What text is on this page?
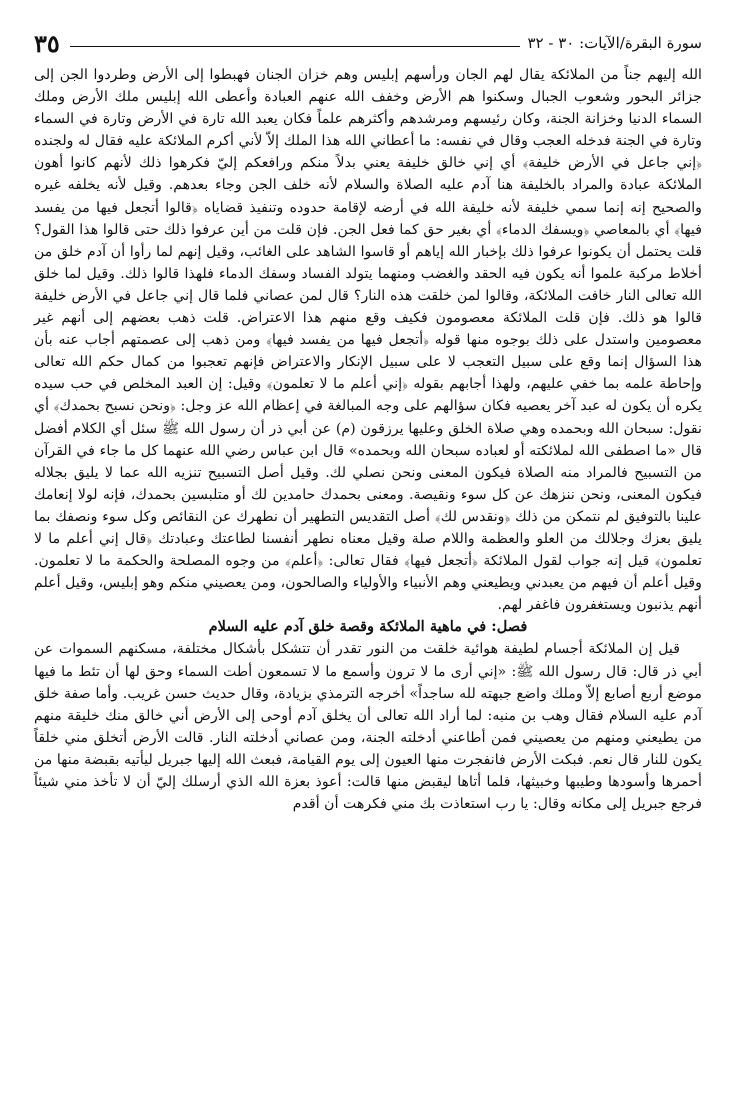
سورة البقرة/الآيات: ٣٠ - ٣٢
٣٥

الله إليهم جناً من الملائكة يقال لهم الجان ورأسهم إبليس وهم خزان الجنان فهبطوا إلى الأرض وطردوا الجن إلى جزائر البحور وشعوب الجبال وسكنوا هم الأرض وخفف الله عنهم العبادة وأعطى الله إبليس ملك الأرض وملك السماء الدنيا وخزانة الجنة، وكان رئيسهم ومرشدهم وأكثرهم علماً فكان يعبد الله تارة في الأرض وتارة في السماء وتارة في الجنة فدخله العجب وقال في نفسه: ما أعطاني الله هذا الملك إلاّ لأني أكرم الملائكة عليه فقال له ولجنده ﴿إني جاعل في الأرض خليفة﴾ أي إني خالق خليفة يعني بدلاً منكم ورافعكم إليّ فكرهوا ذلك لأنهم كانوا أهون الملائكة عبادة والمراد بالخليفة هنا آدم عليه الصلاة والسلام لأنه خلف الجن وجاء بعدهم. وقيل لأنه يخلفه غيره والصحيح إنه إنما سمي خليفة لأنه خليفة الله في أرضه لإقامة حدوده وتنفيذ قضاياه ﴿قالوا أتجعل فيها من يفسد فيها﴾ أي بالمعاصي ﴿ويسفك الدماء﴾ أي بغير حق كما فعل الجن. فإن قلت من أين عرفوا ذلك حتى قالوا هذا القول؟ قلت يحتمل أن يكونوا عرفوا ذلك بإخبار الله إياهم أو قاسوا الشاهد على الغائب، وقيل إنهم لما رأوا أن آدم خلق من أخلاط مركبة علموا أنه يكون فيه الحقد والغضب ومنهما يتولد الفساد وسفك الدماء فلهذا قالوا ذلك. وقيل لما خلق الله تعالى النار خافت الملائكة، وقالوا لمن خلقت هذه النار؟ قال لمن عصاني فلما قال إني جاعل في الأرض خليفة قالوا هو ذلك. فإن قلت الملائكة معصومون فكيف وقع منهم هذا الاعتراض. قلت ذهب بعضهم إلى أنهم غير معصومين واستدل على ذلك بوجوه منها قوله ﴿أتجعل فيها من يفسد فيها﴾ ومن ذهب إلى عصمتهم أجاب عنه بأن هذا السؤال إنما وقع على سبيل التعجب لا على سبيل الإنكار والاعتراض فإنهم تعجبوا من كمال حكم الله تعالى وإحاطة علمه بما خفي عليهم، ولهذا أجابهم بقوله ﴿إني أعلم ما لا تعلمون﴾ وقيل: إن العبد المخلص في حب سيده يكره أن يكون له عبد آخر يعصيه فكان سؤالهم على وجه المبالغة في إعظام الله عز وجل: ﴿ونحن نسبح بحمدك﴾ أي نقول: سبحان الله وبحمده وهي صلاة الخلق وعليها يرزقون (م) عن أبي ذر أن رسول الله ﷺ سئل أي الكلام أفضل قال «ما اصطفى الله لملائكته أو لعباده سبحان الله وبحمده» قال ابن عباس رضي الله عنهما كل ما جاء في القرآن من التسبيح فالمراد منه الصلاة فيكون المعنى ونحن نصلي لك. وقيل أصل التسبيح تنزيه الله عما لا يليق بجلاله فيكون المعنى، ونحن ننزهك عن كل سوء ونقيصة. ومعنى بحمدك حامدين لك أو متلبسين بحمدك، فإنه لولا إنعامك علينا بالتوفيق لم نتمكن من ذلك ﴿ونقدس لك﴾ أصل التقديس التطهير أن نطهرك عن النقائص وكل سوء ونصفك بما يليق بعزك وجلالك من العلو والعظمة واللام صلة وقيل معناه نطهر أنفسنا لطاعتك وعبادتك ﴿قال إني أعلم ما لا تعلمون﴾ قيل إنه جواب لقول الملائكة ﴿أتجعل فيها﴾ فقال تعالى: ﴿أعلم﴾ من وجوه المصلحة والحكمة ما لا تعلمون. وقيل أعلم أن فيهم من يعبدني ويطيعني وهم الأنبياء والأولياء والصالحون، ومن يعصيني منكم وهو إبليس، وقيل أعلم أنهم يذنبون ويستغفرون فاغفر لهم.

فصل: في ماهية الملائكة وقصة خلق آدم عليه السلام

قيل إن الملائكة أجسام لطيفة هوائية خلقت من النور تقدر أن تتشكل بأشكال مختلفة، مسكنهم السموات عن أبي ذر قال: قال رسول الله ﷺ: «إني أرى ما لا ترون وأسمع ما لا تسمعون أطت السماء وحق لها أن تئط ما فيها موضع أربع أصابع إلاّ وملك واضع جبهته لله ساجداً» أخرجه الترمذي بزيادة، وقال حديث حسن غريب. وأما صفة خلق آدم عليه السلام فقال وهب بن منبه: لما أراد الله تعالى أن يخلق آدم أوحى إلى الأرض أني خالق منك خليقة منهم من يطيعني ومنهم من يعصيني فمن أطاعني أدخلته الجنة، ومن عصاني أدخلته النار. قالت الأرض أتخلق مني خلقاً يكون للنار قال نعم. فبكت الأرض فانفجرت منها العيون إلى يوم القيامة، فبعث الله إليها جبريل ليأتيه بقبضة منها من أحمرها وأسودها وطيبها وخبيثها، فلما أتاها ليقبض منها قالت: أعوذ بعزة الله الذي أرسلك إليّ أن لا تأخذ مني شيئاً فرجع جبريل إلى مكانه وقال: يا رب استعاذت بك مني فكرهت أن أقدم
